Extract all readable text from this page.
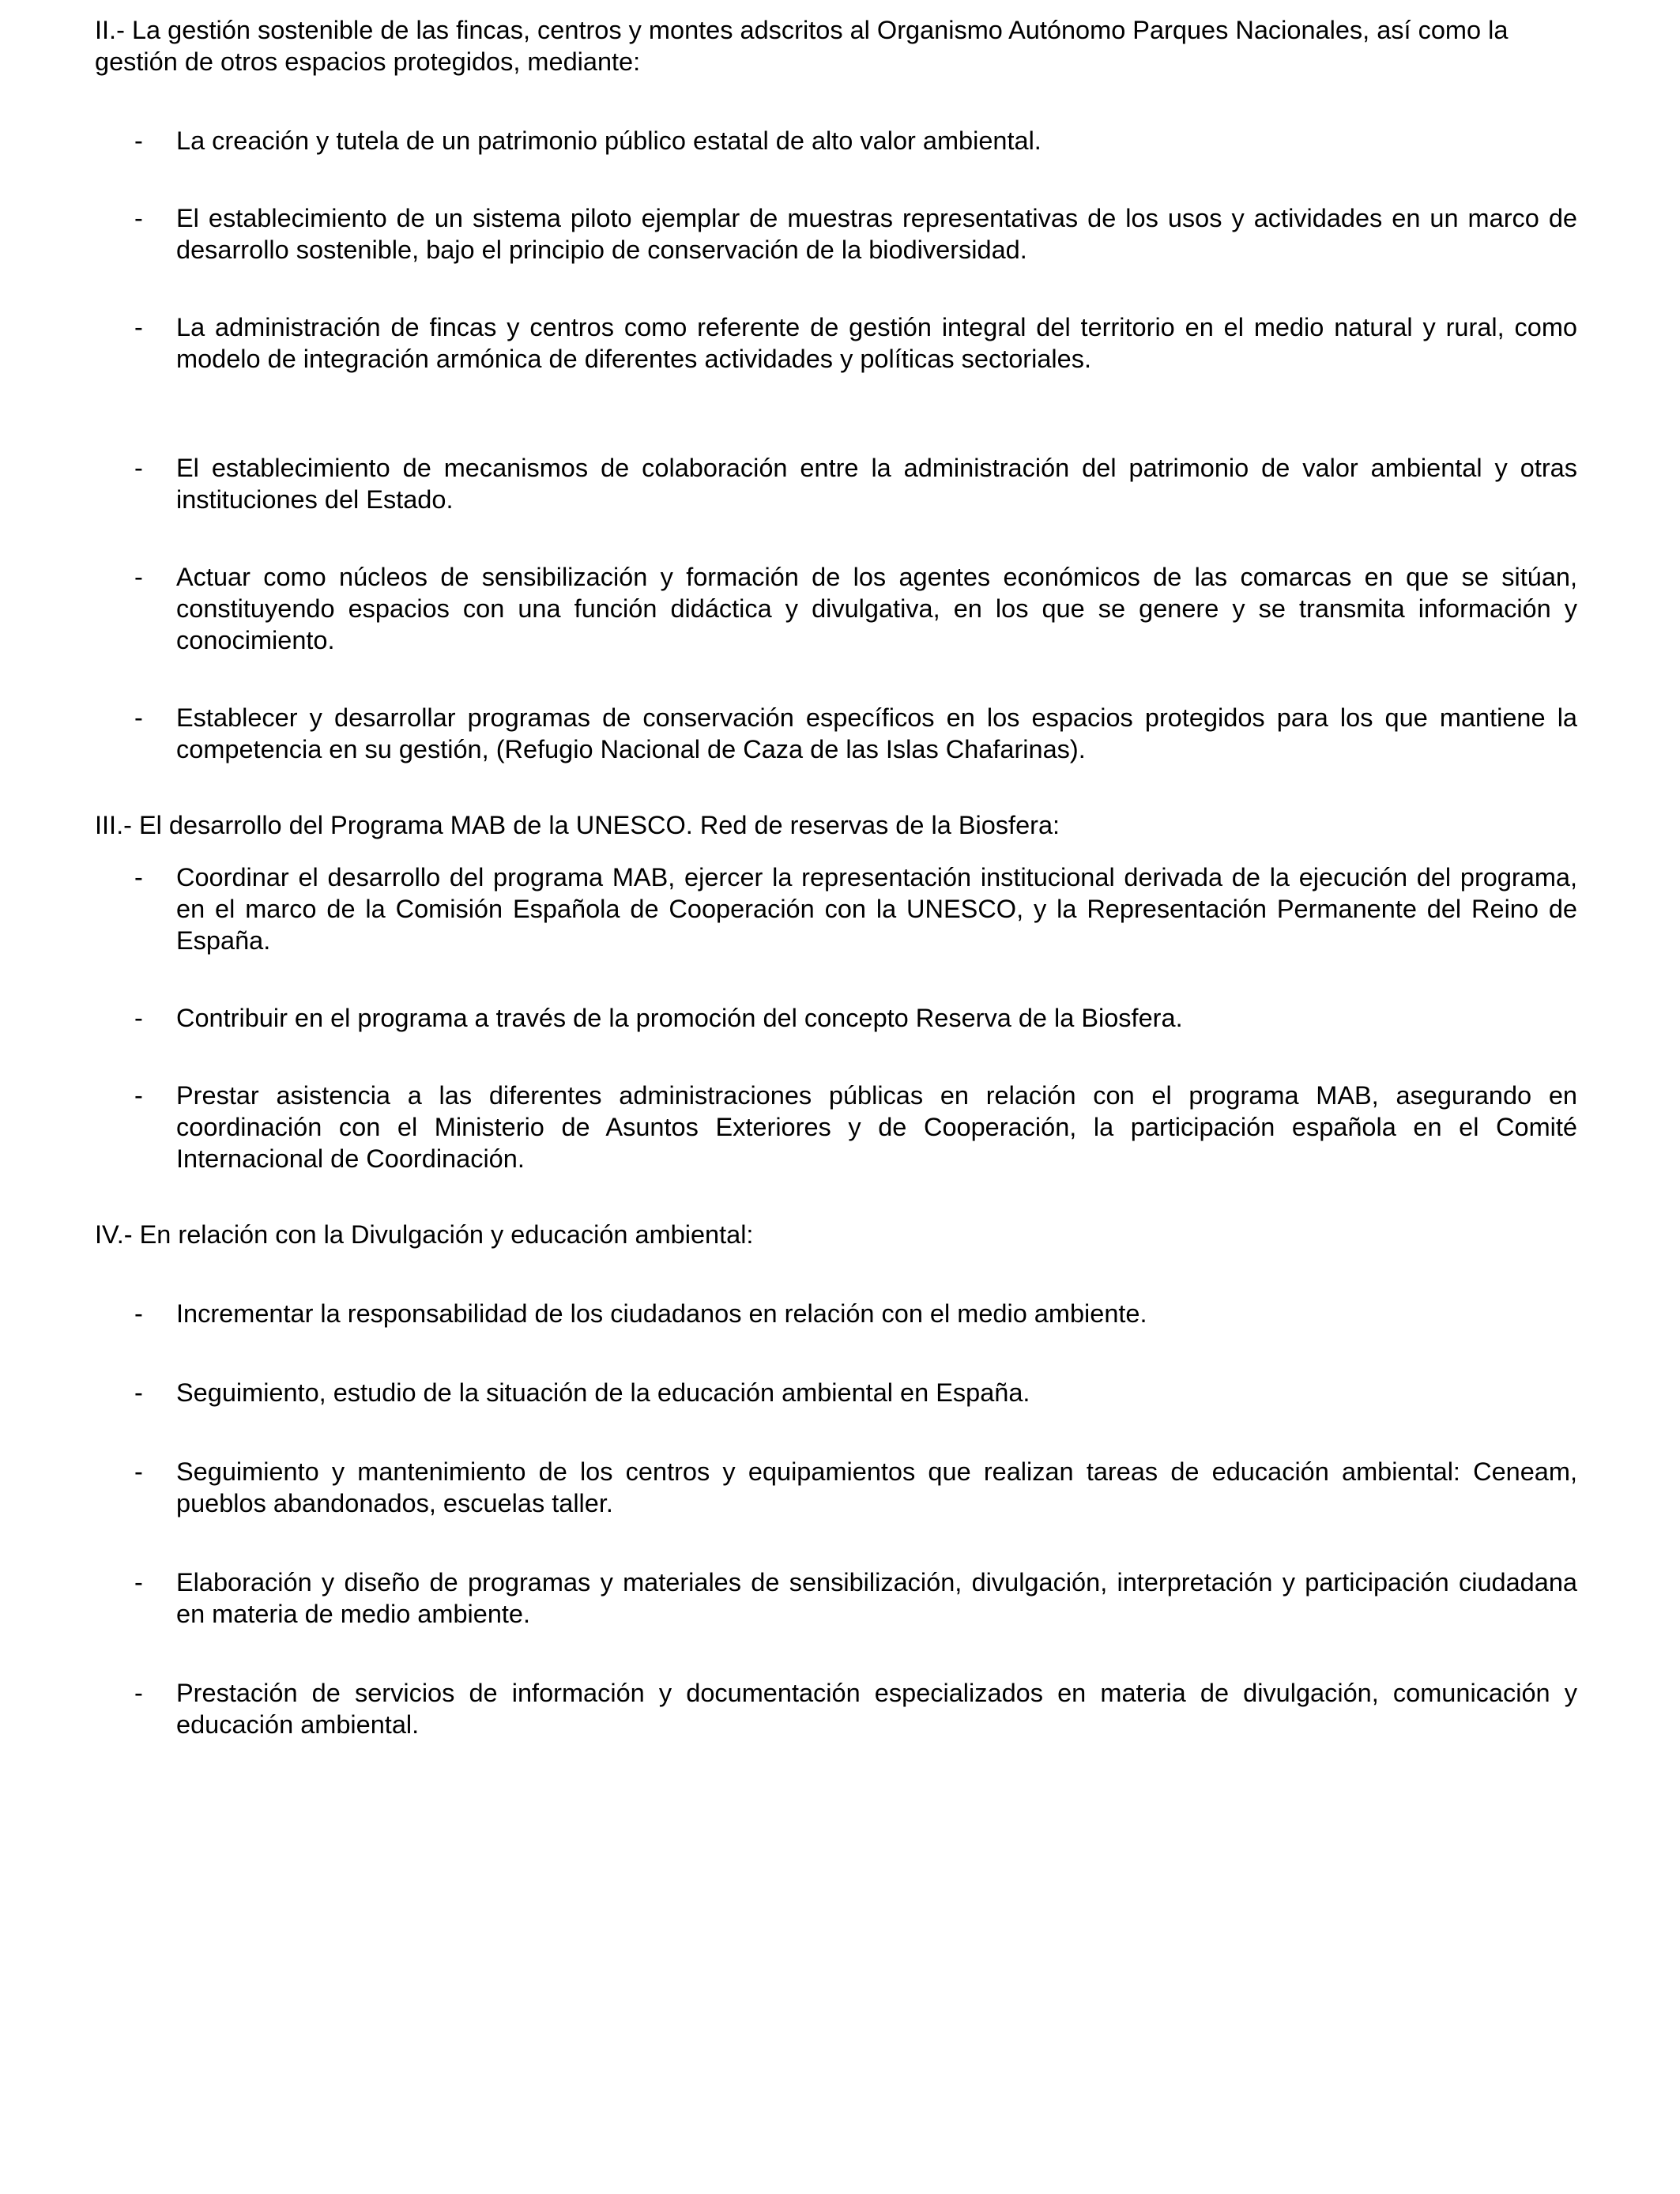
II.- La gestión sostenible de las fincas, centros y montes adscritos al Organismo Autónomo Parques Nacionales, así como la gestión de otros espacios protegidos, mediante:

- La creación y tutela de un patrimonio público estatal de alto valor ambiental.
- El establecimiento de un sistema piloto ejemplar de muestras representativas de los usos y actividades en un marco de desarrollo sostenible, bajo el principio de conservación de la biodiversidad.
- La administración de fincas y centros como referente de gestión integral del territorio en el medio natural y rural, como modelo de integración armónica de diferentes actividades y políticas sectoriales.
- El establecimiento de mecanismos de colaboración entre la administración del patrimonio de valor ambiental y otras instituciones del Estado.
- Actuar como núcleos de sensibilización y formación de los agentes económicos de las comarcas en que se sitúan, constituyendo espacios con una función didáctica y divulgativa, en los que se genere y se transmita información y conocimiento.
- Establecer y desarrollar programas de conservación específicos en los espacios protegidos para los que mantiene la competencia en su gestión, (Refugio Nacional de Caza de las Islas Chafarinas).

III.- El desarrollo del Programa MAB de la UNESCO. Red de reservas de la Biosfera:

- Coordinar el desarrollo del programa MAB, ejercer la representación institucional derivada de la ejecución del programa, en el marco de la Comisión Española de Cooperación con la UNESCO, y la Representación Permanente del Reino de España.
- Contribuir en el programa a través de la promoción del concepto Reserva de la Biosfera.
- Prestar asistencia a las diferentes administraciones públicas en relación con el programa MAB, asegurando en coordinación con el Ministerio de Asuntos Exteriores y de Cooperación, la participación española en el Comité Internacional de Coordinación.

IV.- En relación con la Divulgación y educación ambiental:

- Incrementar la responsabilidad de los ciudadanos en relación con el medio ambiente.
- Seguimiento, estudio de la situación de la educación ambiental en España.
- Seguimiento y mantenimiento de los centros y equipamientos que realizan tareas de educación ambiental: Ceneam, pueblos abandonados, escuelas taller.
- Elaboración y diseño de programas y materiales de sensibilización, divulgación, interpretación y participación ciudadana en materia de medio ambiente.
- Prestación de servicios de información y documentación especializados en materia de divulgación, comunicación y educación ambiental.
